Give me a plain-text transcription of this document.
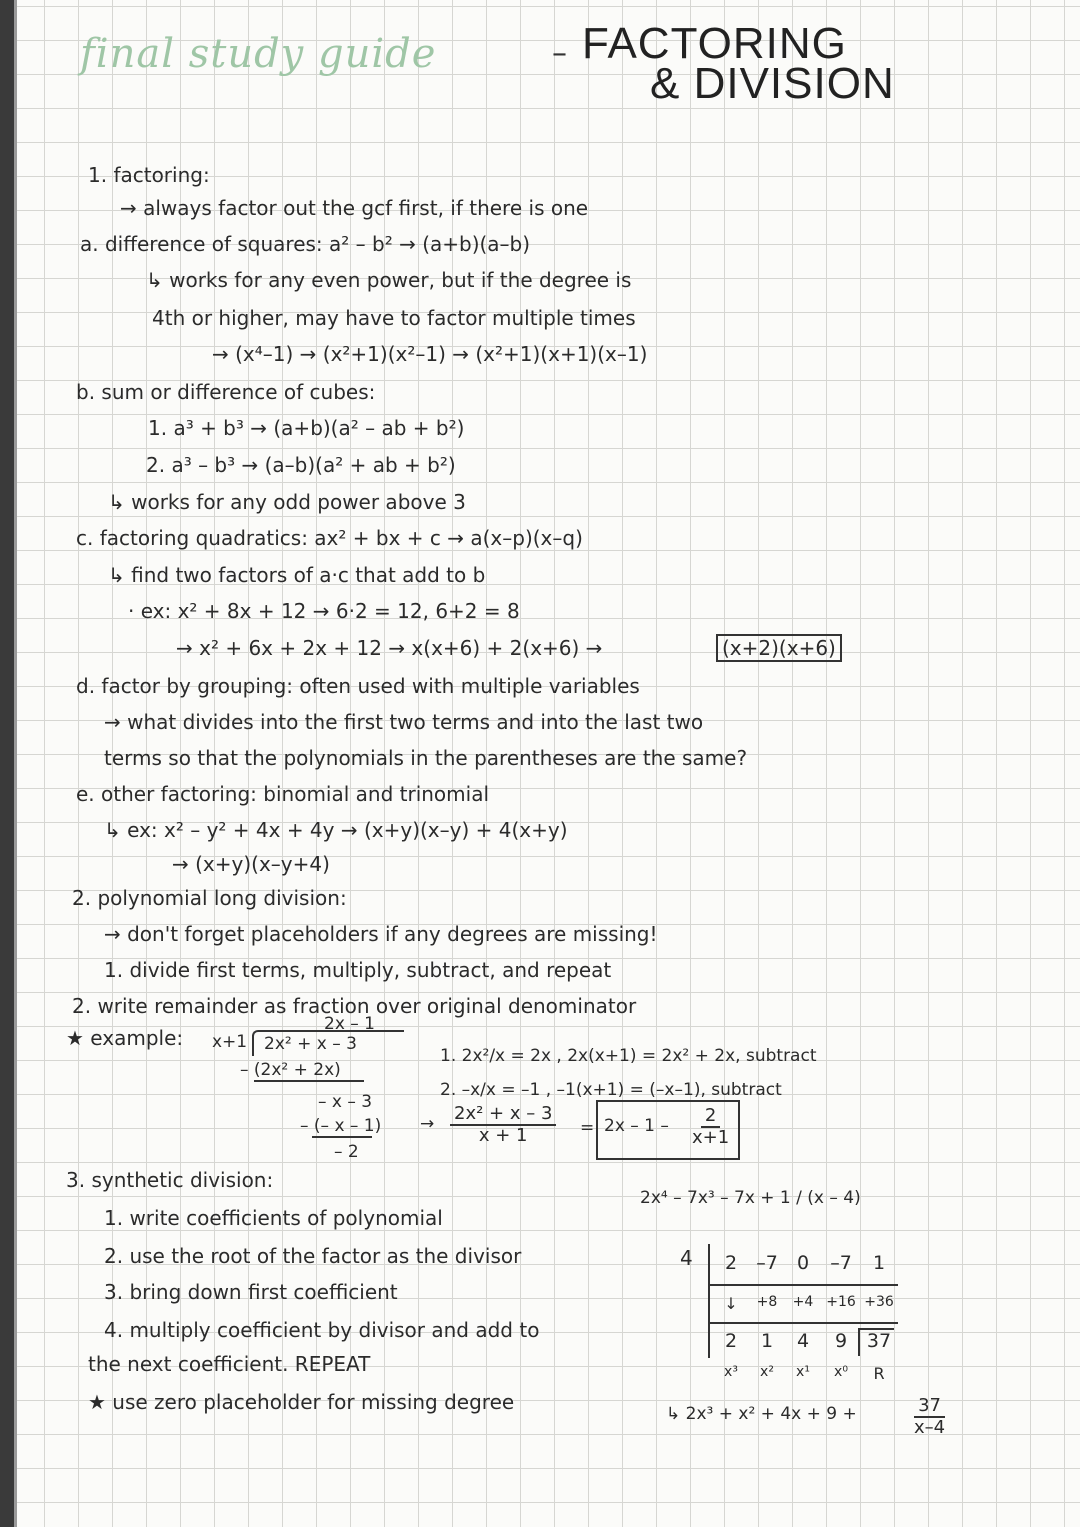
final study guide	– FACTORING
& DIVISION
1. factoring:
→ always factor out the gcf first, if there is one
a. difference of squares: a² – b² → (a+b)(a–b)
↳ works for any even power, but if the degree is
4th or higher, may have to factor multiple times
→ (x⁴–1) → (x²+1)(x²–1) → (x²+1)(x+1)(x–1)
b. sum or difference of cubes:
1. a³ + b³ → (a+b)(a² – ab + b²)
2. a³ – b³ → (a–b)(a² + ab + b²)
↳ works for any odd power above 3
c. factoring quadratics: ax² + bx + c → a(x–p)(x–q)
↳ find two factors of a·c that add to b
· ex: x² + 8x + 12 → 6·2 = 12, 6+2 = 8
→ x² + 6x + 2x + 12 → x(x+6) + 2(x+6) →	(x+2)(x+6)
d. factor by grouping: often used with multiple variables
→ what divides into the first two terms and into the last two
terms so that the polynomials in the parentheses are the same?
e. other factoring: binomial and trinomial
↳ ex: x² – y² + 4x + 4y → (x+y)(x–y) + 4(x+y)
→ (x+y)(x–y+4)
2. polynomial long division:
→ don't forget placeholders if any degrees are missing!
1. divide first terms, multiply, subtract, and repeat
2. write remainder as fraction over original denominator
★ example:
2x – 1
x+1 2x² + x – 3
– (2x² + 2x)
– x – 3
– (– x – 1)
– 2
1. 2x²/x = 2x , 2x(x+1) = 2x² + 2x, subtract
2. –x/x = –1 , –1(x+1) = (–x–1), subtract
→ $\frac{\text{2x² + x – 3}}{x + 1} = 2x - 1 - \frac{2}{x+1}$
3. synthetic division:
2x⁴ – 7x³ – 7x + 1 / (x – 4)
1. write coefficients of polynomial
2. use the root of the factor as the divisor
3. bring down first coefficient
4. multiply coefficient by divisor and add to
the next coefficient. REPEAT
★ use zero placeholder for missing degree
4	2	–7	0	–7	1
↓	+8	+4 +16 +36
2	1	4	9	37
x³	x²	x¹	x⁰	R
↳ 2x³ + x² + 4x + 9 +	$\frac{37}{x-4}$
